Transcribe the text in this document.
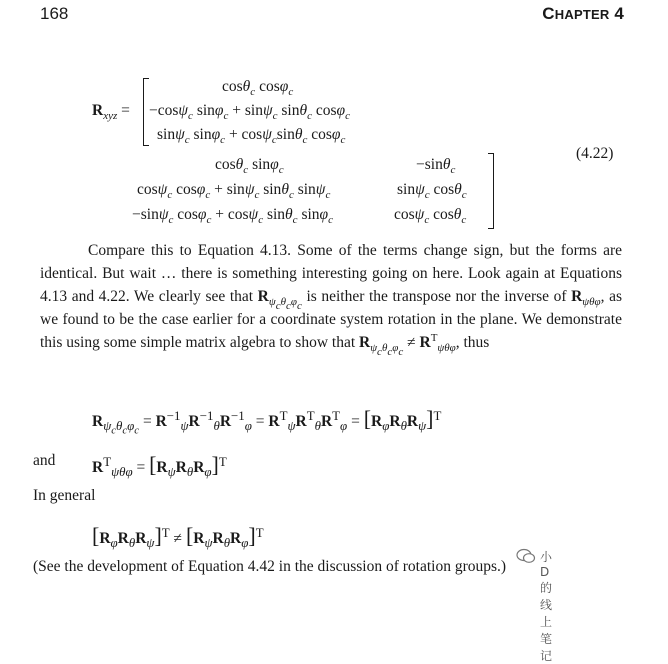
168	CHAPTER 4
$R_{xyz}$ =
cosθ$_c$ cosφ$_c$
−cosψ$_c$ sinφ$_c$ + sinψ$_c$ sinθ$_c$ cosφ$_c$
sinψ$_c$ sinφ$_c$ + cosψ$_c$sinθ$_c$ cosφ$_c$
cosθ$_c$ sinφ$_c$
cosψ$_c$ cosφ$_c$ + sinψ$_c$ sinθ$_c$ sinψ$_c$
−sinψ$_c$ cosφ$_c$ + cosψ$_c$ sinθ$_c$ sinφ$_c$
−sinθ$_c$
sinψ$_c$ cosθ$_c$
cosψ$_c$ cosθ$_c$
(4.22)
Compare this to Equation 4.13. Some of the terms change sign, but the forms are identical. But wait … there is something interesting going on here. Look again at Equations 4.13 and 4.22. We clearly see that $R_{\psi_c\theta_c\varphi_c}$ is neither the transpose nor the inverse of $R_{\psi\theta\varphi}$, as we found to be the case earlier for a coordinate system rotation in the plane. We demonstrate this using some simple matrix algebra to show that $R_{\psi_c\theta_c\varphi_c} \ne R^T_{\psi\theta\varphi}$, thus
$R_{\psi_c\theta_c\varphi_c} = R^{-1}_\psi R^{-1}_\theta R^{-1}_\varphi = R^T_\psi R^T_\theta R^T_\varphi = [R_\varphi R_\theta R_\psi]^T$
and $R^T_{\psi\theta\varphi} = [R_\psi R_\theta R_\varphi]^T$
In general
$[R_\varphi R_\theta R_\psi]^T \ne [R_\psi R_\theta R_\varphi]^T$
(See the development of Equation 4.42 in the discussion of rotation groups.)
小D的线上笔记
